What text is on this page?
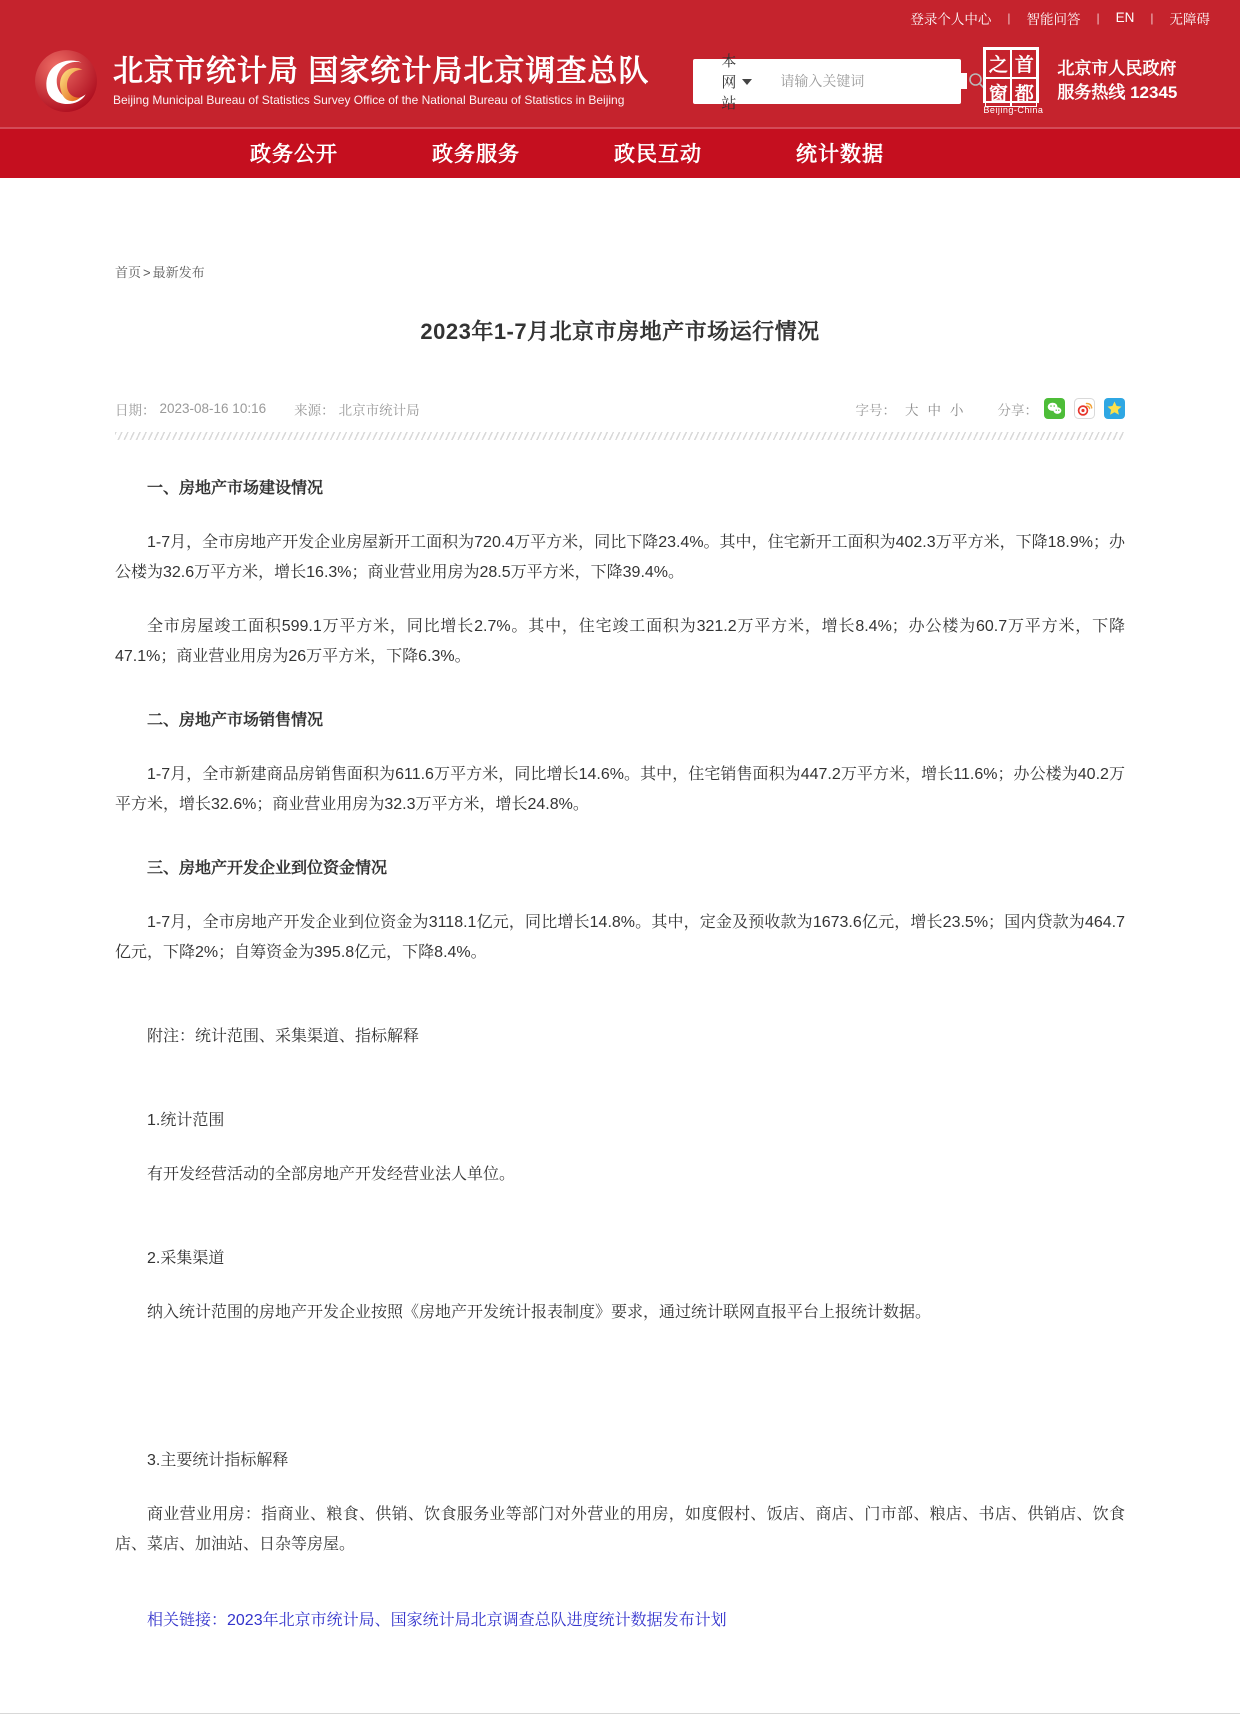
登录个人中心 | 智能问答 | EN | 无障碍
北京市统计局 国家统计局北京调查总队
Beijing Municipal Bureau of Statistics Survey Office of the National Bureau of Statistics in Beijing
本网站
请输入关键词
之 首
窗 都
Beijing-China
北京市人民政府
服务热线 12345
政务公开	政务服务	政民互动	统计数据
首页 > 最新发布
2023年1-7月北京市房地产市场运行情况
日期： 2023-08-16 10:16 来源： 北京市统计局	字号： 大 中 小	分享：

一、房地产市场建设情况

1-7月，全市房地产开发企业房屋新开工面积为720.4万平方米，同比下降23.4%。其中，住宅新开工面积为402.3万平方米，下降18.9%；办公楼为32.6万平方米，增长16.3%；商业营业用房为28.5万平方米，下降39.4%。

全市房屋竣工面积599.1万平方米，同比增长2.7%。其中，住宅竣工面积为321.2万平方米，增长8.4%；办公楼为60.7万平方米，下降47.1%；商业营业用房为26万平方米，下降6.3%。

二、房地产市场销售情况

1-7月，全市新建商品房销售面积为611.6万平方米，同比增长14.6%。其中，住宅销售面积为447.2万平方米，增长11.6%；办公楼为40.2万平方米，增长32.6%；商业营业用房为32.3万平方米，增长24.8%。

三、房地产开发企业到位资金情况

1-7月，全市房地产开发企业到位资金为3118.1亿元，同比增长14.8%。其中，定金及预收款为1673.6亿元，增长23.5%；国内贷款为464.7亿元，下降2%；自筹资金为395.8亿元，下降8.4%。

附注：统计范围、采集渠道、指标解释

1.统计范围

有开发经营活动的全部房地产开发经营业法人单位。

2.采集渠道

纳入统计范围的房地产开发企业按照《房地产开发统计报表制度》要求，通过统计联网直报平台上报统计数据。

3.主要统计指标解释

商业营业用房：指商业、粮食、供销、饮食服务业等部门对外营业的用房，如度假村、饭店、商店、门市部、粮店、书店、供销店、饮食店、菜店、加油站、日杂等房屋。

相关链接：2023年北京市统计局、国家统计局北京调查总队进度统计数据发布计划
